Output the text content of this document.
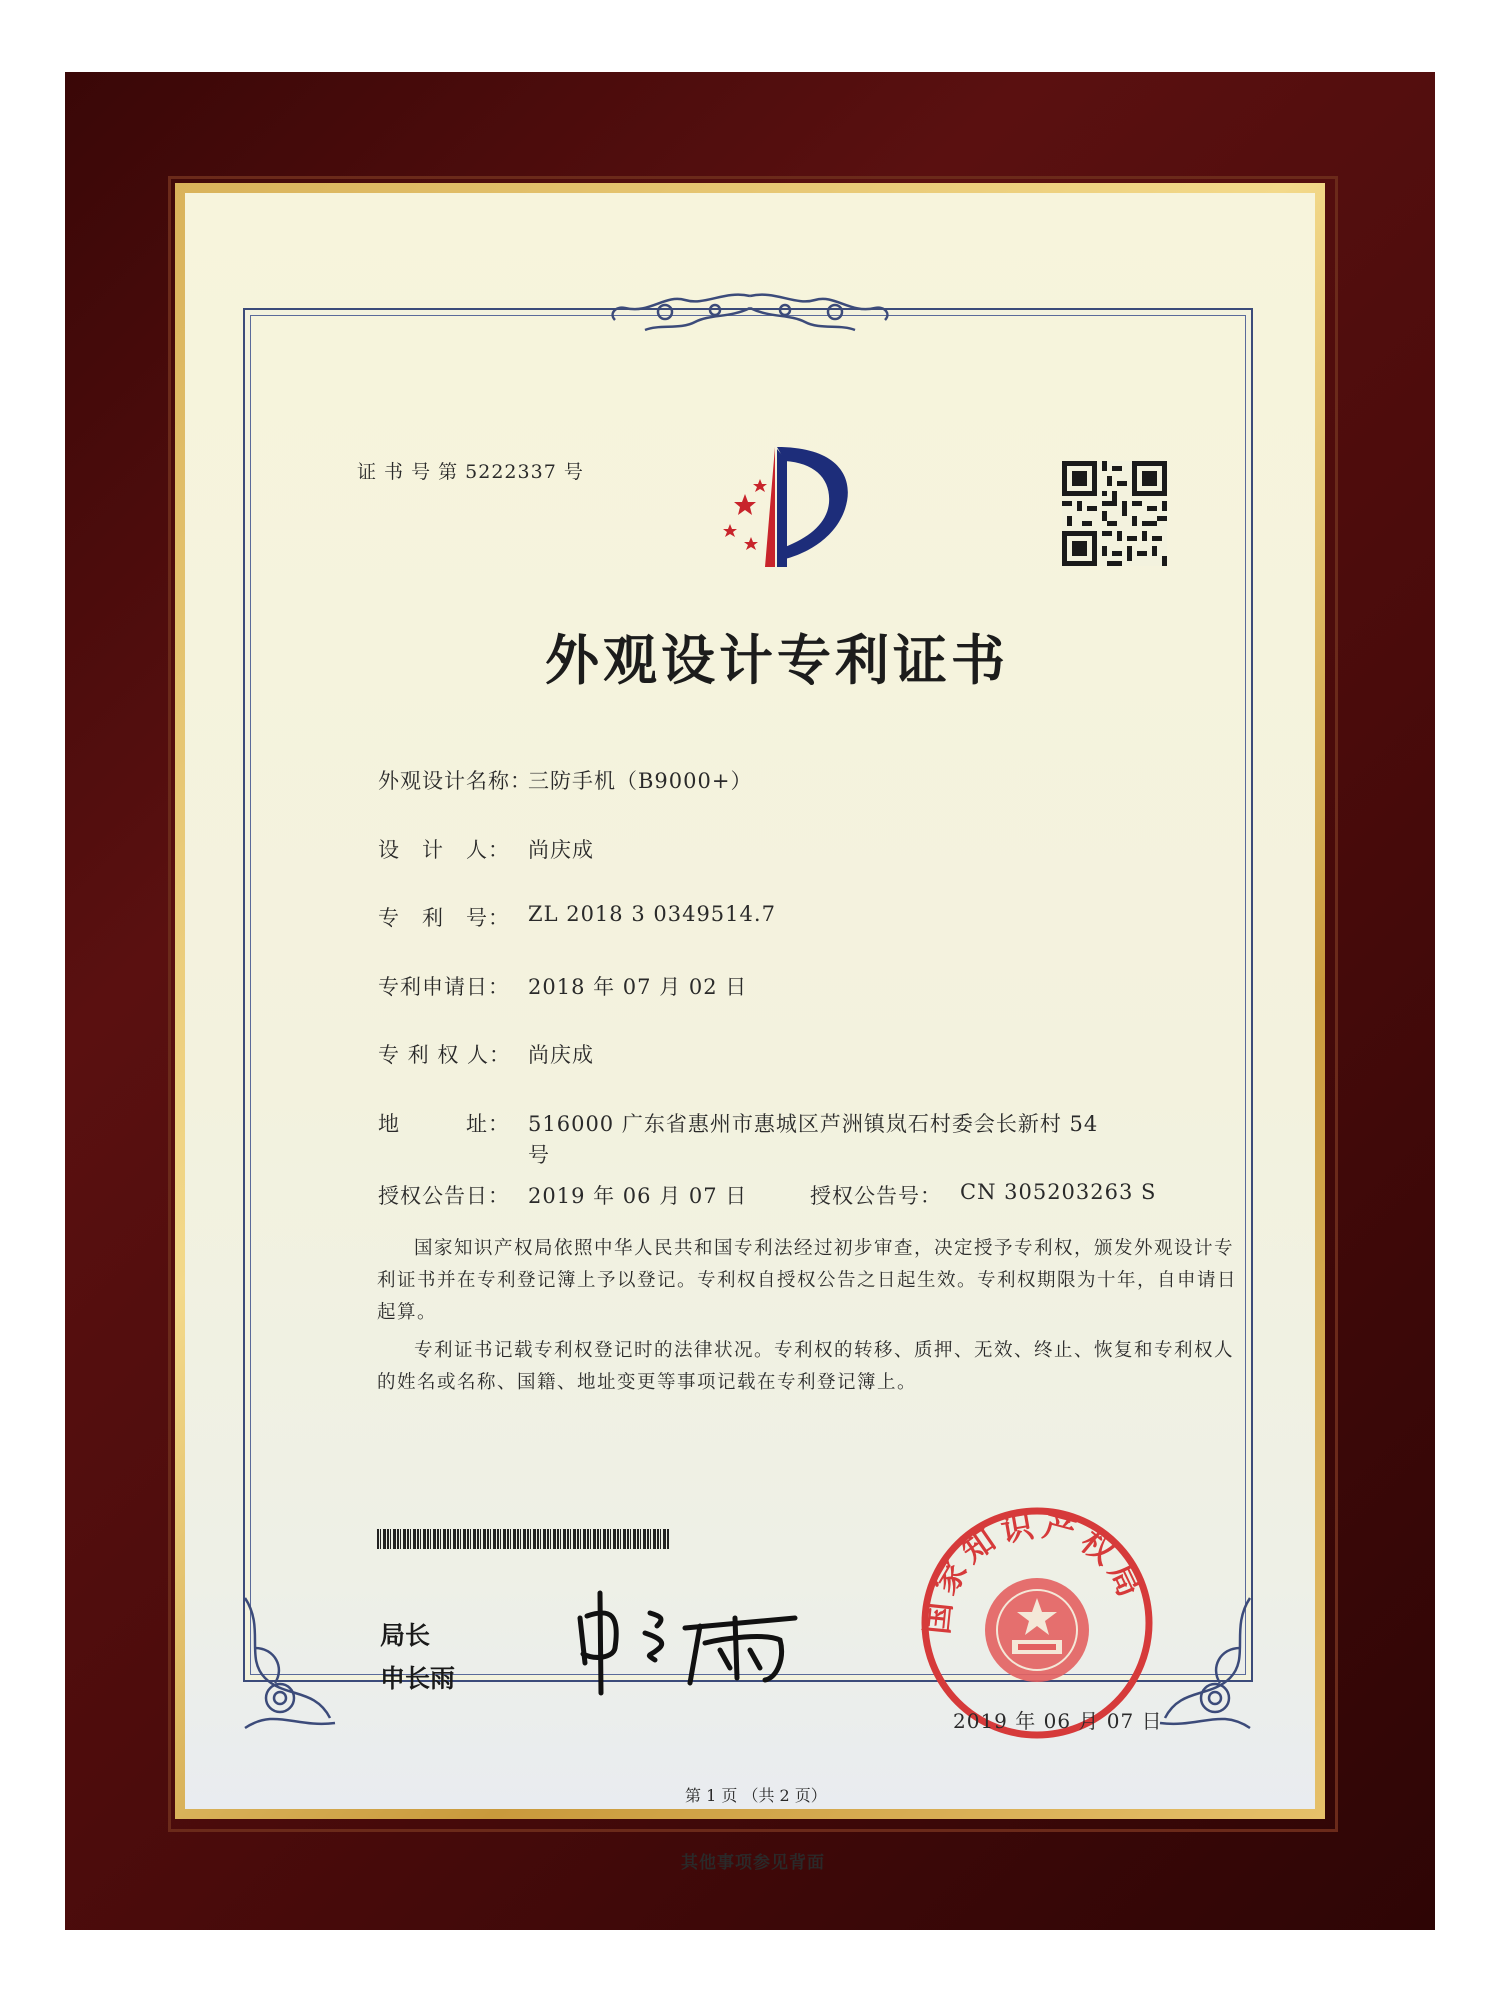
证 书 号 第 5222337 号
外观设计专利证书
外观设计名称：
三防手机（B9000+）
设　计　人： 尚庆成
专　利　号： ZL 2018 3 0349514.7
专利申请日： 2018 年 07 月 02 日
专 利 权 人： 尚庆成
地　　　址： 516000 广东省惠州市惠城区芦洲镇岚石村委会长新村 54
号
授权公告日： 2019 年 06 月 07 日	授权公告号： CN 305203263 S
国家知识产权局依照中华人民共和国专利法经过初步审查，决定授予专利权，颁发外观设计专利证书并在专利登记簿上予以登记。专利权自授权公告之日起生效。专利权期限为十年，自申请日起算。
专利证书记载专利权登记时的法律状况。专利权的转移、质押、无效、终止、恢复和专利权人的姓名或名称、国籍、地址变更等事项记载在专利登记簿上。
局长
申长雨
国家知识产权局
2019 年 06 月 07 日
第 1 页 （共 2 页）
其他事项参见背面
